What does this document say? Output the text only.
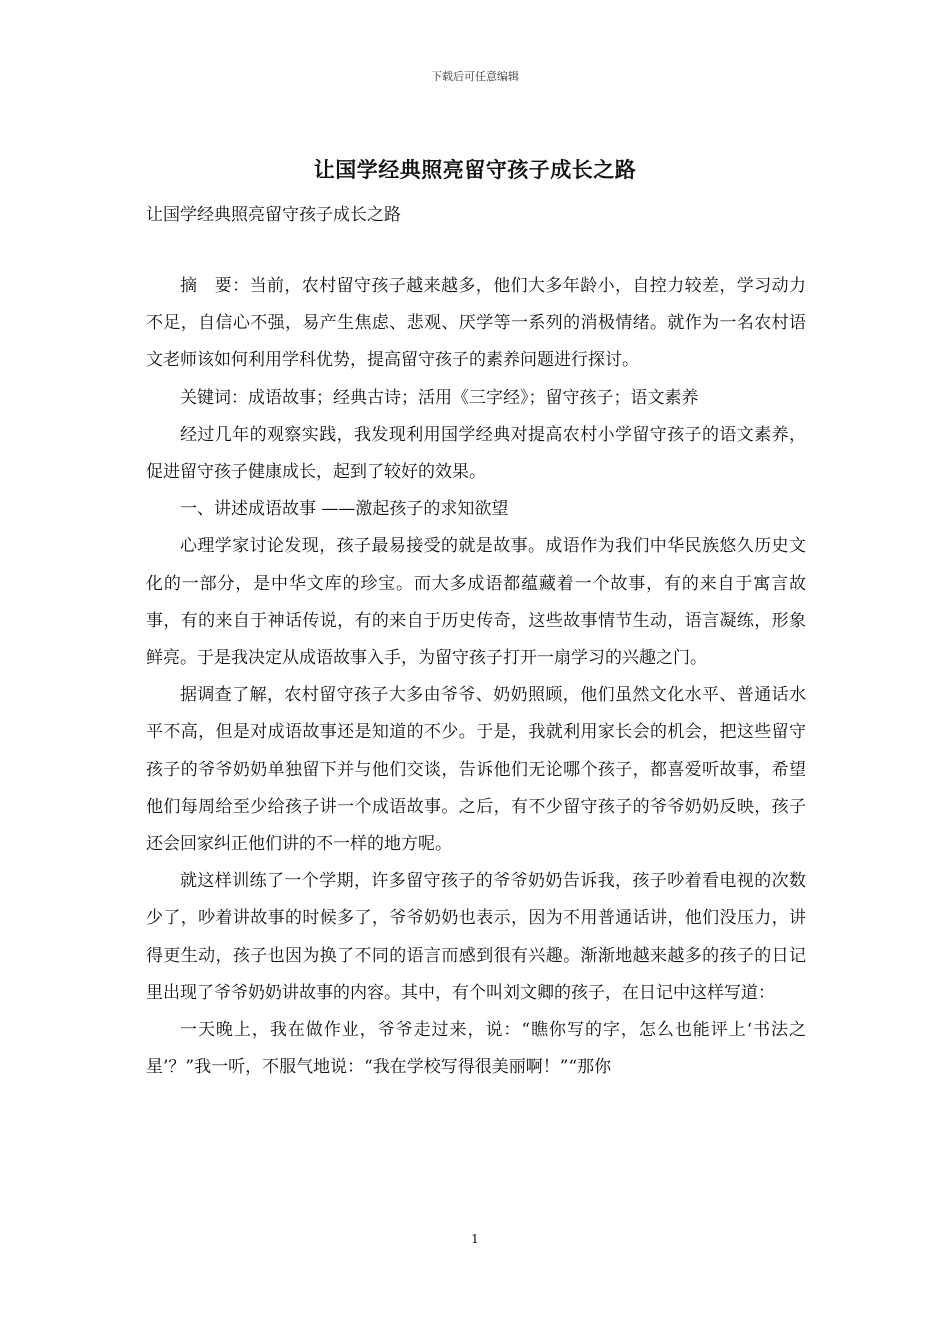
下载后可任意编辑
让国学经典照亮留守孩子成长之路
让国学经典照亮留守孩子成长之路

摘　要：当前，农村留守孩子越来越多，他们大多年龄小，自控力较差，学习动力不足，自信心不强，易产生焦虑、悲观、厌学等一系列的消极情绪。就作为一名农村语文老师该如何利用学科优势，提高留守孩子的素养问题进行探讨。

关键词：成语故事；经典古诗；活用《三字经》；留守孩子；语文素养

经过几年的观察实践，我发现利用国学经典对提高农村小学留守孩子的语文素养，促进留守孩子健康成长，起到了较好的效果。

一、讲述成语故事 ——激起孩子的求知欲望

心理学家讨论发现，孩子最易接受的就是故事。成语作为我们中华民族悠久历史文化的一部分，是中华文库的珍宝。而大多成语都蕴藏着一个故事，有的来自于寓言故事，有的来自于神话传说，有的来自于历史传奇，这些故事情节生动，语言凝练，形象鲜亮。于是我决定从成语故事入手，为留守孩子打开一扇学习的兴趣之门。

据调查了解，农村留守孩子大多由爷爷、奶奶照顾，他们虽然文化水平、普通话水平不高，但是对成语故事还是知道的不少。于是，我就利用家长会的机会，把这些留守孩子的爷爷奶奶单独留下并与他们交谈，告诉他们无论哪个孩子，都喜爱听故事，希望他们每周给至少给孩子讲一个成语故事。之后，有不少留守孩子的爷爷奶奶反映，孩子还会回家纠正他们讲的不一样的地方呢。

就这样训练了一个学期，许多留守孩子的爷爷奶奶告诉我，孩子吵着看电视的次数少了，吵着讲故事的时候多了，爷爷奶奶也表示，因为不用普通话讲，他们没压力，讲得更生动，孩子也因为换了不同的语言而感到很有兴趣。渐渐地越来越多的孩子的日记里出现了爷爷奶奶讲故事的内容。其中，有个叫刘文卿的孩子，在日记中这样写道：

一天晚上，我在做作业，爷爷走过来，说：“瞧你写的字，怎么也能评上‘书法之星’？”我一听，不服气地说：“我在学校写得很美丽啊！”“那你

1
